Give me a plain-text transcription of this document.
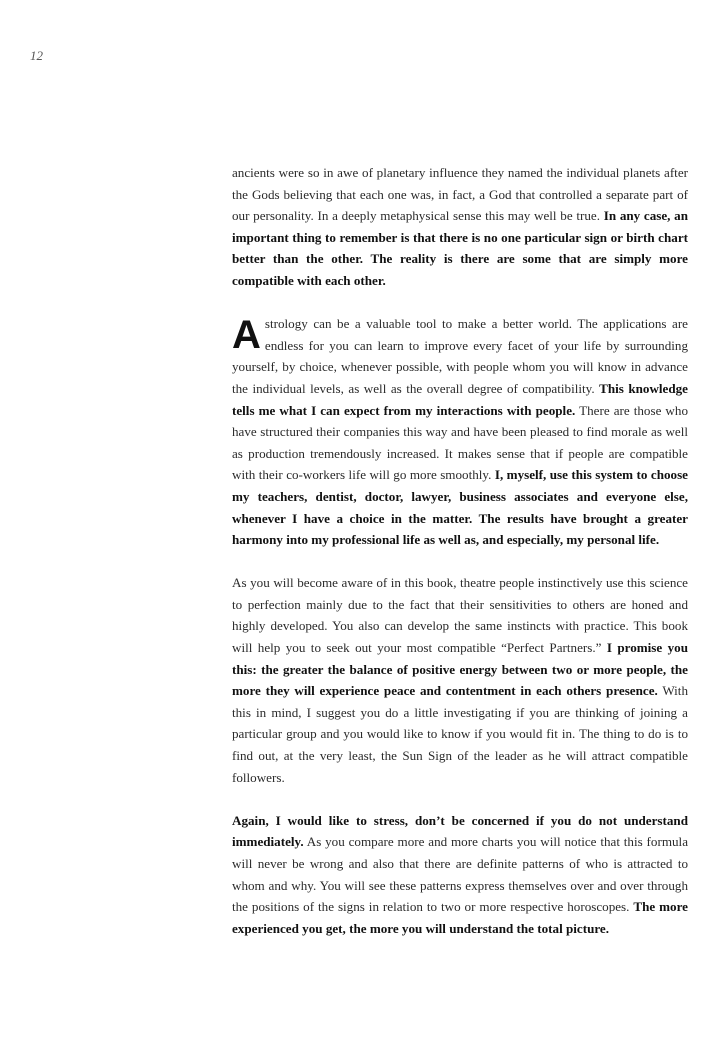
12

ancients were so in awe of planetary influence they named the individual planets after the Gods believing that each one was, in fact, a God that controlled a separate part of our personality. In a deeply metaphysical sense this may well be true. In any case, an important thing to remember is that there is no one particular sign or birth chart better than the other. The reality is there are some that are simply more compatible with each other.

Astrology can be a valuable tool to make a better world. The applications are endless for you can learn to improve every facet of your life by surrounding yourself, by choice, whenever possible, with people whom you will know in advance the individual levels, as well as the overall degree of compatibility. This knowledge tells me what I can expect from my interactions with people. There are those who have structured their companies this way and have been pleased to find morale as well as production tremendously increased. It makes sense that if people are compatible with their co-workers life will go more smoothly. I, myself, use this system to choose my teachers, dentist, doctor, lawyer, business associates and everyone else, whenever I have a choice in the matter. The results have brought a greater harmony into my professional life as well as, and especially, my personal life.

As you will become aware of in this book, theatre people instinctively use this science to perfection mainly due to the fact that their sensitivities to others are honed and highly developed. You also can develop the same instincts with practice. This book will help you to seek out your most compatible “Perfect Partners.” I promise you this: the greater the balance of positive energy between two or more people, the more they will experience peace and contentment in each others presence. With this in mind, I suggest you do a little investigating if you are thinking of joining a particular group and you would like to know if you would fit in. The thing to do is to find out, at the very least, the Sun Sign of the leader as he will attract compatible followers.

Again, I would like to stress, don’t be concerned if you do not understand immediately. As you compare more and more charts you will notice that this formula will never be wrong and also that there are definite patterns of who is attracted to whom and why. You will see these patterns express themselves over and over through the positions of the signs in relation to two or more respective horoscopes. The more experienced you get, the more you will understand the total picture.
